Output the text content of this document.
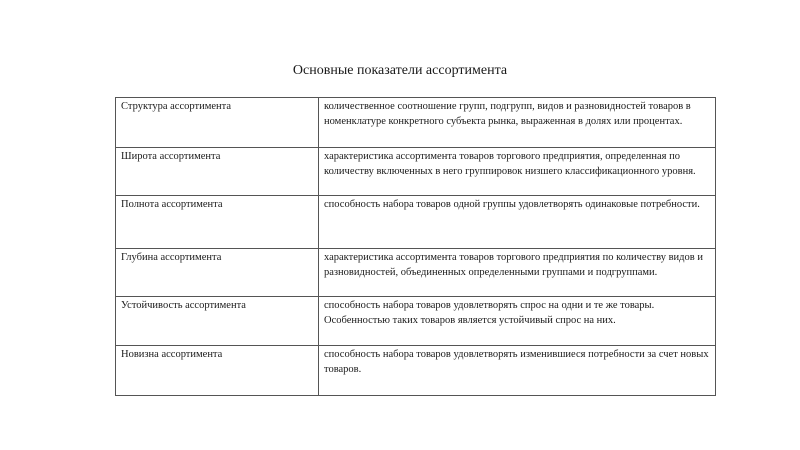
Основные показатели ассортимента
Структура ассортимента	количественное соотношение групп, подгрупп, видов и разновидностей товаров в номенклатуре конкретного субъекта рынка, выраженная в долях или процентах.
Широта ассортимента	характеристика ассортимента товаров торгового предприятия, определенная по количеству включенных в него группировок низшего классификационного уровня.
Полнота ассортимента	способность набора товаров одной группы удовлетворять одинаковые потребности.
Глубина ассортимента	характеристика ассортимента товаров торгового предприятия по количеству видов и разновидностей, объединенных определенными группами и подгруппами.
Устойчивость ассортимента	способность набора товаров удовлетворять спрос на одни и те же товары. Особенностью таких товаров является устойчивый спрос на них.
Новизна ассортимента	способность набора товаров удовлетворять изменившиеся потребности за счет новых товаров.
